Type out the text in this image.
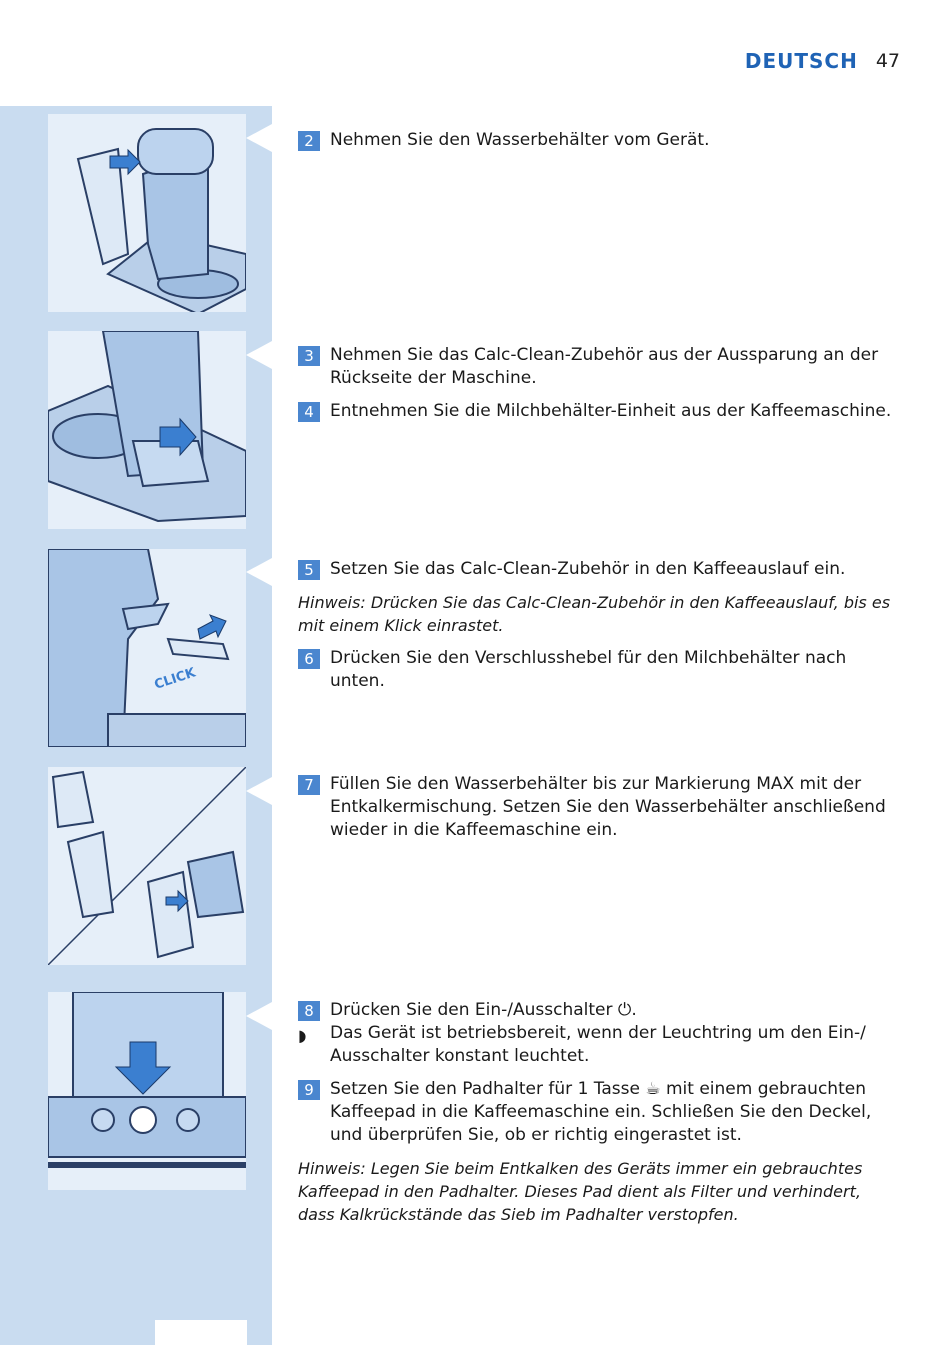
DEUTSCH 47
CLICK

2 Nehmen Sie den Wasserbehälter vom Gerät.

3 Nehmen Sie das Calc-Clean-Zubehör aus der Aussparung an der Rückseite der Maschine.

4 Entnehmen Sie die Milchbehälter-Einheit aus der Kaffeemaschine.

5 Setzen Sie das Calc-Clean-Zubehör in den Kaffeeauslauf ein.

Hinweis: Drücken Sie das Calc-Clean-Zubehör in den Kaffeeauslauf, bis es mit einem Klick einrastet.

6 Drücken Sie den Verschlusshebel für den Milchbehälter nach unten.

7 Füllen Sie den Wasserbehälter bis zur Markierung MAX mit der Entkalkermischung. Setzen Sie den Wasserbehälter anschließend wieder in die Kaffeemaschine ein.

8 Drücken Sie den Ein-/Ausschalter ⏻.

◗ Das Gerät ist betriebsbereit, wenn der Leuchtring um den Ein-/ Ausschalter konstant leuchtet.

9 Setzen Sie den Padhalter für 1 Tasse ☕ mit einem gebrauchten Kaffeepad in die Kaffeemaschine ein. Schließen Sie den Deckel, und überprüfen Sie, ob er richtig eingerastet ist.

Hinweis: Legen Sie beim Entkalken des Geräts immer ein gebrauchtes Kaffeepad in den Padhalter. Dieses Pad dient als Filter und verhindert, dass Kalkrückstände das Sieb im Padhalter verstopfen.
